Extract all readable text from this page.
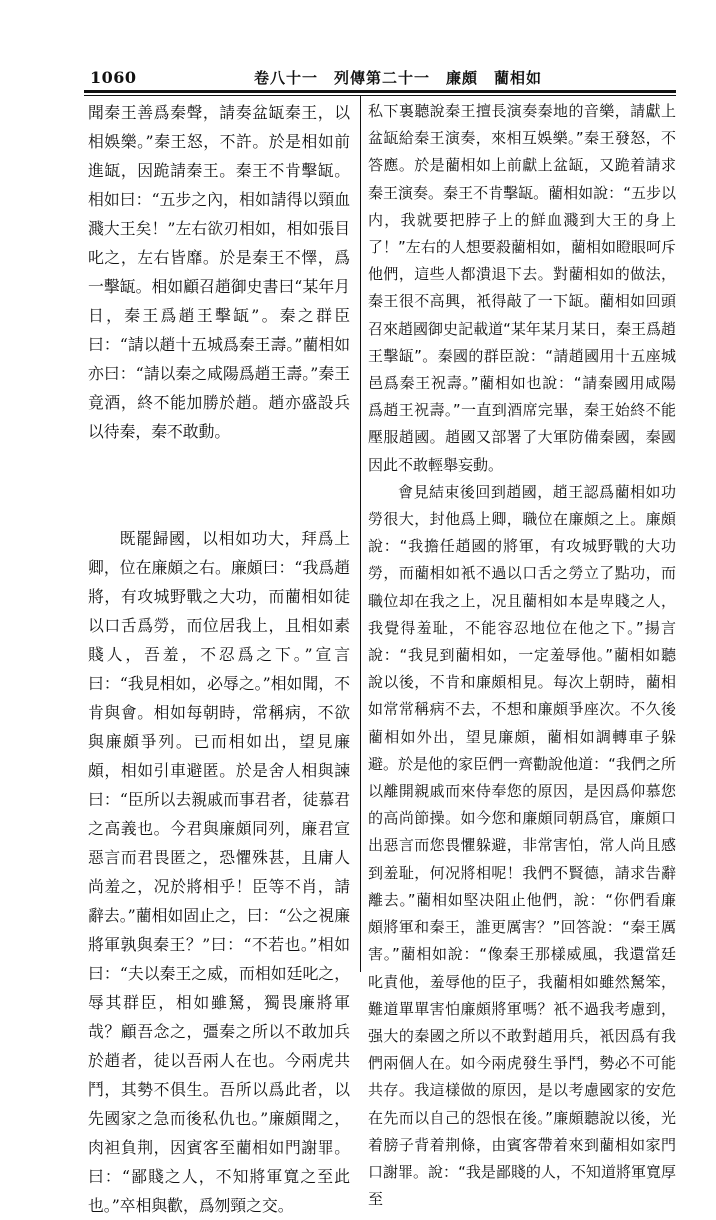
1060	卷八十一　列傳第二十一　廉頗　藺相如

聞秦王善爲秦聲，請奏盆缻秦王，以相娛樂。”秦王怒，不許。於是相如前進缻，因跪請秦王。秦王不肯擊缻。相如曰：“五步之內，相如請得以頸血濺大王矣！”左右欲刃相如，相如張目叱之，左右皆靡。於是秦王不懌，爲一擊缻。相如顧召趙御史書曰“某年月日，秦王爲趙王擊缻”。秦之群臣曰：“請以趙十五城爲秦王壽。”藺相如亦曰：“請以秦之咸陽爲趙王壽。”秦王竟酒，終不能加勝於趙。趙亦盛設兵以待秦，秦不敢動。

既罷歸國，以相如功大，拜爲上卿，位在廉頗之右。廉頗曰：“我爲趙將，有攻城野戰之大功，而藺相如徒以口舌爲勞，而位居我上，且相如素賤人，吾羞，不忍爲之下。”宣言曰：“我見相如，必辱之。”相如聞，不肯與會。相如每朝時，常稱病，不欲與廉頗爭列。已而相如出，望見廉頗，相如引車避匿。於是舍人相與諫曰：“臣所以去親戚而事君者，徒慕君之高義也。今君與廉頗同列，廉君宣惡言而君畏匿之，恐懼殊甚，且庸人尚羞之，况於將相乎！臣等不肖，請辭去。”藺相如固止之，曰：“公之視廉將軍孰與秦王？”曰：“不若也。”相如曰：“夫以秦王之威，而相如廷叱之，辱其群臣，相如雖駑，獨畏廉將軍哉？顧吾念之，彊秦之所以不敢加兵於趙者，徒以吾兩人在也。今兩虎共鬥，其勢不俱生。吾所以爲此者，以先國家之急而後私仇也。”廉頗聞之，肉袒負荆，因賓客至藺相如門謝罪。曰：“鄙賤之人，不知將軍寬之至此也。”卒相與歡，爲刎頸之交。

私下裏聽說秦王擅長演奏秦地的音樂，請獻上盆缻給秦王演奏，來相互娛樂。”秦王發怒，不答應。於是藺相如上前獻上盆缻，又跪着請求秦王演奏。秦王不肯擊缻。藺相如說：“五步以内，我就要把脖子上的鮮血濺到大王的身上了！”左右的人想要殺藺相如，藺相如瞪眼呵斥他們，這些人都潰退下去。對藺相如的做法，秦王很不高興，衹得敲了一下缻。藺相如回頭召來趙國御史記載道“某年某月某日，秦王爲趙王擊缻”。秦國的群臣說：“請趙國用十五座城邑爲秦王祝壽。”藺相如也說：“請秦國用咸陽爲趙王祝壽。”一直到酒席完畢，秦王始終不能壓服趙國。趙國又部署了大軍防備秦國，秦國因此不敢輕舉妄動。

會見結束後回到趙國，趙王認爲藺相如功勞很大，封他爲上卿，職位在廉頗之上。廉頗說：“我擔任趙國的將軍，有攻城野戰的大功勞，而藺相如衹不過以口舌之勞立了點功，而職位却在我之上，况且藺相如本是卑賤之人，我覺得羞耻，不能容忍地位在他之下。”揚言說：“我見到藺相如，一定羞辱他。”藺相如聽說以後，不肯和廉頗相見。每次上朝時，藺相如常常稱病不去，不想和廉頗爭座次。不久後藺相如外出，望見廉頗，藺相如調轉車子躲避。於是他的家臣們一齊勸說他道：“我們之所以離開親戚而來侍奉您的原因，是因爲仰慕您的高尚節操。如今您和廉頗同朝爲官，廉頗口出惡言而您畏懼躲避，非常害怕，常人尚且感到羞耻，何况將相呢！我們不賢德，請求告辭離去。”藺相如堅决阻止他們，說：“你們看廉頗將軍和秦王，誰更厲害？”回答說：“秦王厲害。”藺相如說：“像秦王那樣威風，我還當廷叱責他，羞辱他的臣子，我藺相如雖然駑笨，難道單單害怕廉頗將軍嗎？衹不過我考慮到，强大的秦國之所以不敢對趙用兵，衹因爲有我們兩個人在。如今兩虎發生爭鬥，勢必不可能共存。我這樣做的原因，是以考慮國家的安危在先而以自己的怨恨在後。”廉頗聽說以後，光着膀子背着荆條，由賓客帶着來到藺相如家門口謝罪。說：“我是鄙賤的人，不知道將軍寬厚至
